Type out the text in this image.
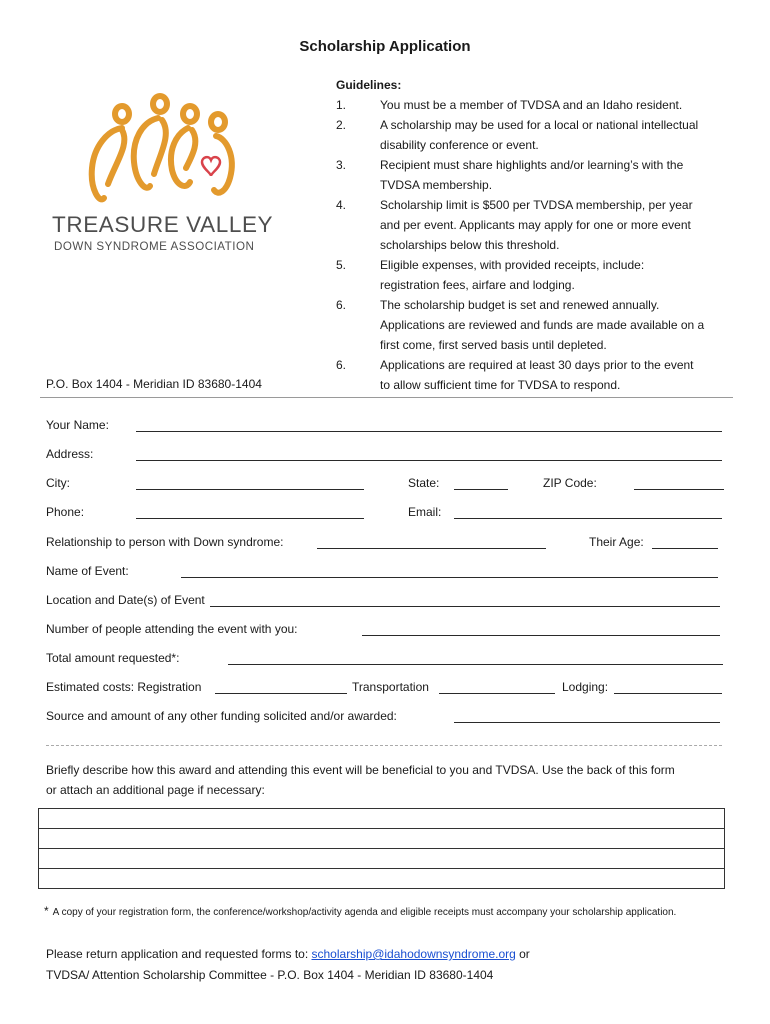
Scholarship Application
TREASURE VALLEY
DOWN SYNDROME ASSOCIATION
P.O. Box 1404 - Meridian ID 83680-1404
Guidelines:
1.	You must be a member of TVDSA and an Idaho resident.
2.	A scholarship may be used for a local or national intellectual
disability conference or event.
3.	Recipient must share highlights and/or learning’s with the
TVDSA membership.
4.	Scholarship limit is $500 per TVDSA membership, per year
and per event. Applicants may apply for one or more event
scholarships below this threshold.
5.	Eligible expenses, with provided receipts, include:
registration fees, airfare and lodging.
6.	The scholarship budget is set and renewed annually.
Applications are reviewed and funds are made available on a
first come, first served basis until depleted.
6.	Applications are required at least 30 days prior to the event
to allow sufficient time for TVDSA to respond.
Your Name:
Address:
City:	State:	ZIP Code:
Phone:	Email:
Relationship to person with Down syndrome:	Their Age:
Name of Event:
Location and Date(s) of Event
Number of people attending the event with you:
Total amount requested*:
Estimated costs: Registration	Transportation	Lodging:
Source and amount of any other funding solicited and/or awarded:
Briefly describe how this award and attending this event will be beneficial to you and TVDSA. Use the back of this form
or attach an additional page if necessary:

* A copy of your registration form, the conference/workshop/activity agenda and eligible receipts must accompany your scholarship application.
Please return application and requested forms to: scholarship@idahodownsyndrome.org or
TVDSA/ Attention Scholarship Committee - P.O. Box 1404 - Meridian ID 83680-1404
